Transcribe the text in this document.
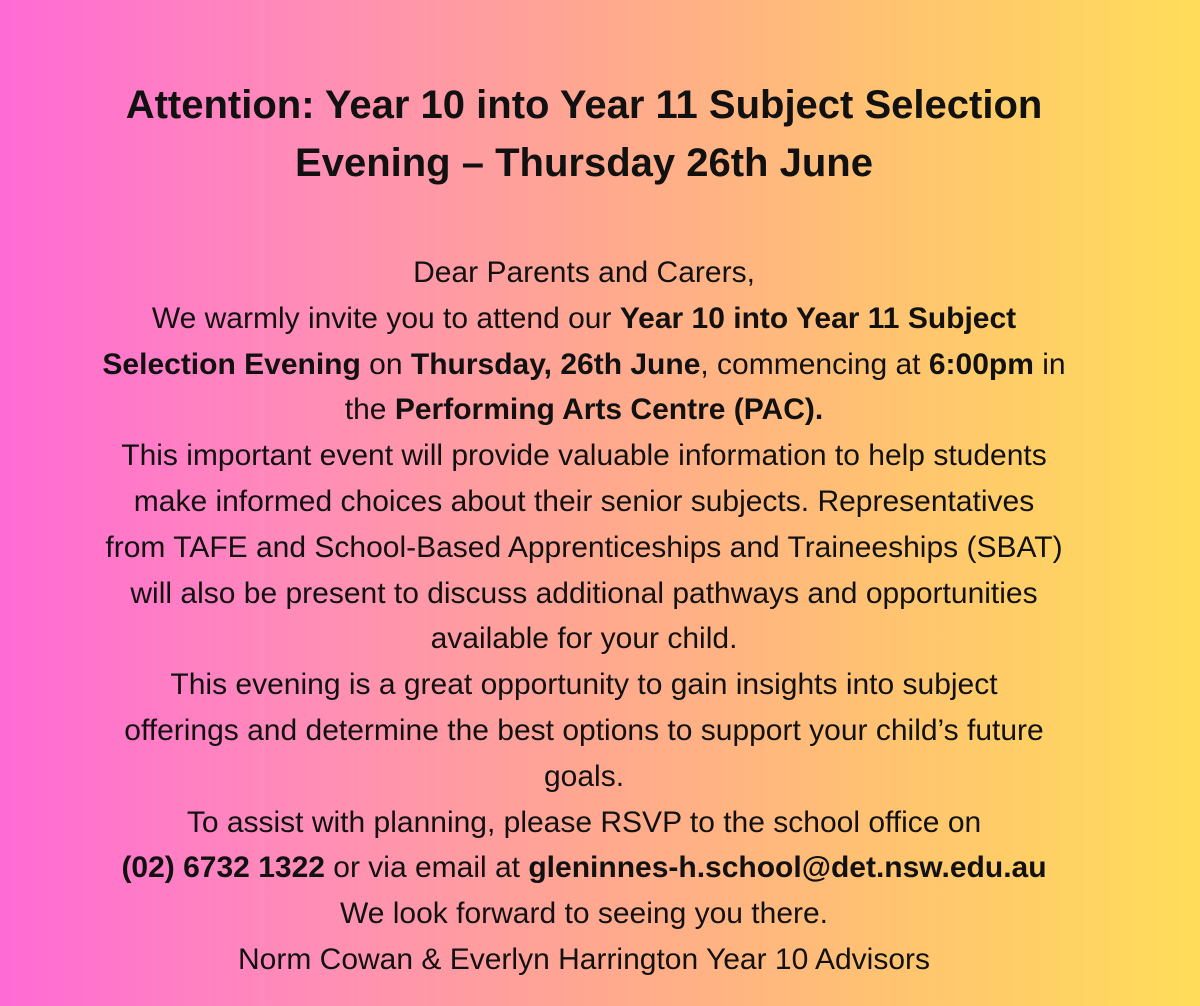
Attention: Year 10 into Year 11 Subject Selection
Evening – Thursday 26th June
Dear Parents and Carers,
We warmly invite you to attend our Year 10 into Year 11 Subject
Selection Evening on Thursday, 26th June, commencing at 6:00pm in
the Performing Arts Centre (PAC).
This important event will provide valuable information to help students
make informed choices about their senior subjects. Representatives
from TAFE and School-Based Apprenticeships and Traineeships (SBAT)
will also be present to discuss additional pathways and opportunities
available for your child.
This evening is a great opportunity to gain insights into subject
offerings and determine the best options to support your child’s future
goals.
To assist with planning, please RSVP to the school office on
(02) 6732 1322 or via email at gleninnes-h.school@det.nsw.edu.au
We look forward to seeing you there.
Norm Cowan & Everlyn Harrington Year 10 Advisors
